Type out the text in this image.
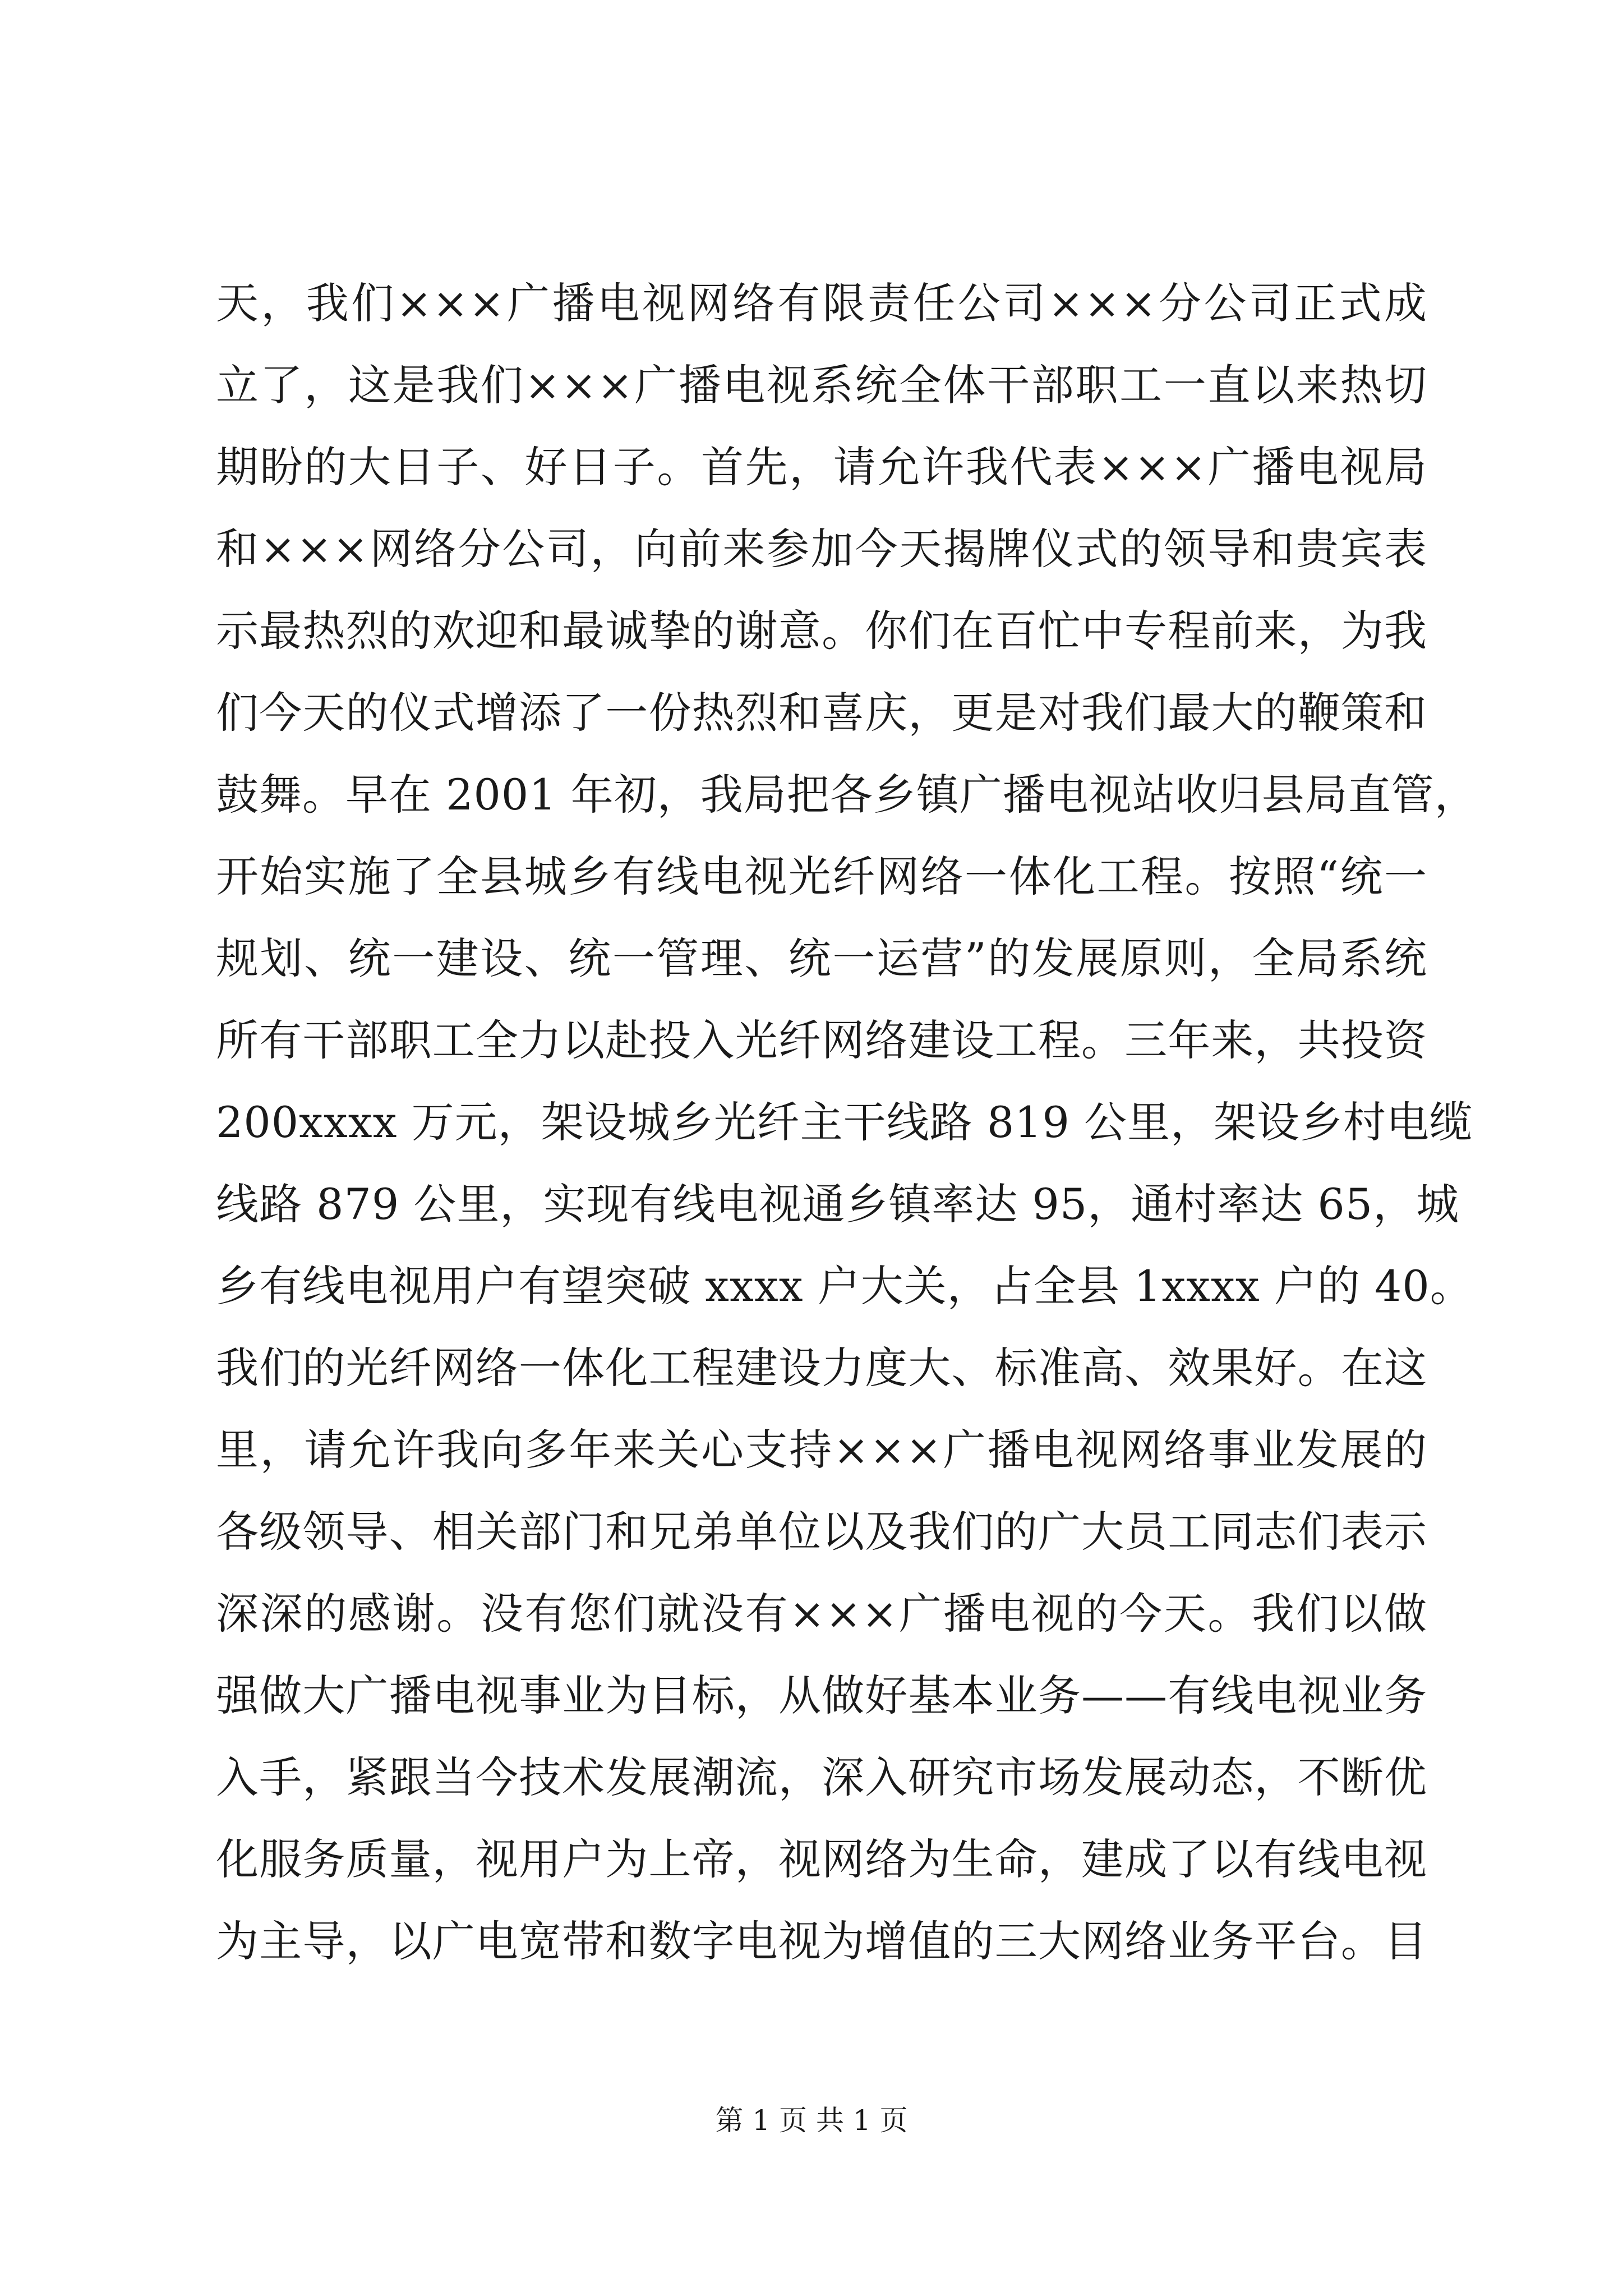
天，我们×××广播电视网络有限责任公司×××分公司正式成
立了，这是我们×××广播电视系统全体干部职工一直以来热切
期盼的大日子、好日子。首先，请允许我代表×××广播电视局
和×××网络分公司，向前来参加今天揭牌仪式的领导和贵宾表
示最热烈的欢迎和最诚挚的谢意。你们在百忙中专程前来，为我
们今天的仪式增添了一份热烈和喜庆，更是对我们最大的鞭策和
鼓舞。早在 2001 年初，我局把各乡镇广播电视站收归县局直管，
开始实施了全县城乡有线电视光纤网络一体化工程。按照“统一
规划、统一建设、统一管理、统一运营”的发展原则，全局系统
所有干部职工全力以赴投入光纤网络建设工程。三年来，共投资
200xxxx 万元，架设城乡光纤主干线路 819 公里，架设乡村电缆
线路 879 公里，实现有线电视通乡镇率达 95，通村率达 65，城
乡有线电视用户有望突破 xxxx 户大关，占全县 1xxxx 户的 40。
我们的光纤网络一体化工程建设力度大、标准高、效果好。在这
里，请允许我向多年来关心支持×××广播电视网络事业发展的
各级领导、相关部门和兄弟单位以及我们的广大员工同志们表示
深深的感谢。没有您们就没有×××广播电视的今天。我们以做
强做大广播电视事业为目标，从做好基本业务——有线电视业务
入手，紧跟当今技术发展潮流，深入研究市场发展动态，不断优
化服务质量，视用户为上帝，视网络为生命，建成了以有线电视
为主导，以广电宽带和数字电视为增值的三大网络业务平台。目
第 1 页 共 1 页
